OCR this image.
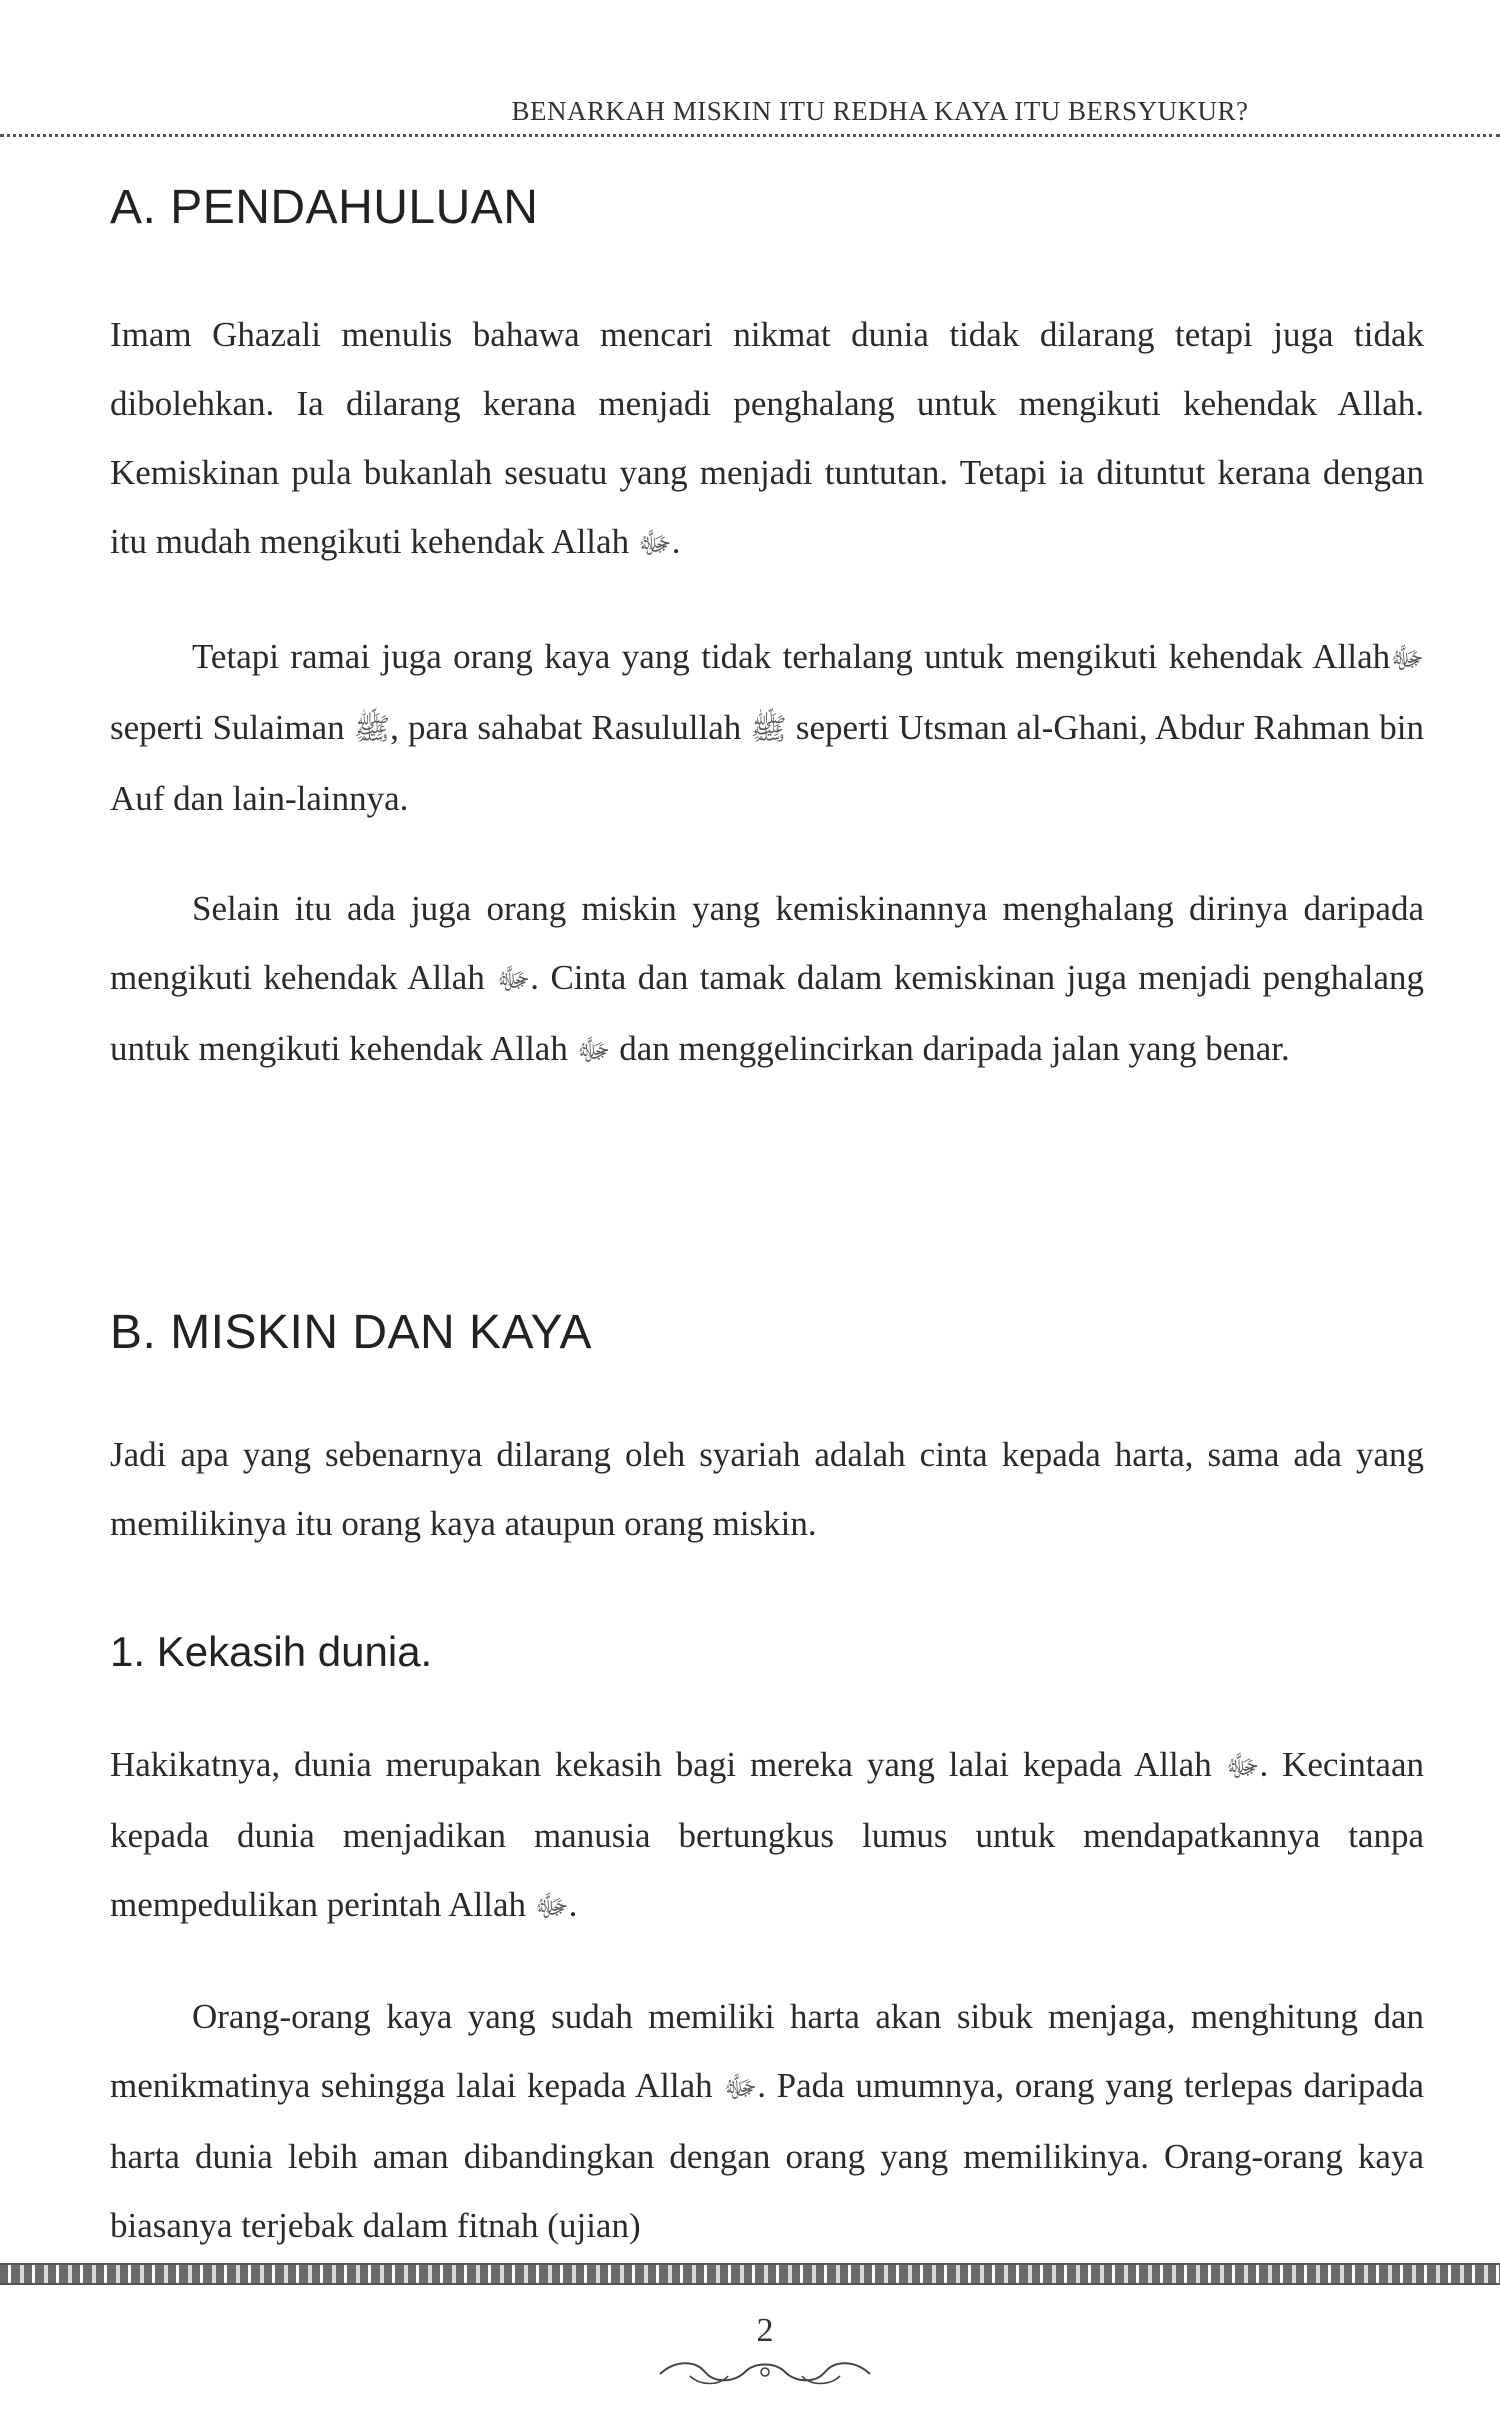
BENARKAH MISKIN ITU REDHA KAYA ITU BERSYUKUR?
A. PENDAHULUAN

Imam Ghazali menulis bahawa mencari nikmat dunia tidak dilarang tetapi juga tidak dibolehkan. Ia dilarang kerana menjadi penghalang untuk mengikuti kehendak Allah. Kemiskinan pula bukanlah sesuatu yang menjadi tuntutan. Tetapi ia dituntut kerana dengan itu mudah mengikuti kehendak Allah ﷻ.

Tetapi ramai juga orang kaya yang tidak terhalang untuk mengikuti kehendak Allahﷻ seperti Sulaiman ﷺ, para sahabat Rasulullah ﷺ seperti Utsman al-Ghani, Abdur Rahman bin Auf dan lain-lainnya.

Selain itu ada juga orang miskin yang kemiskinannya menghalang dirinya daripada mengikuti kehendak Allah ﷻ. Cinta dan tamak dalam kemiskinan juga menjadi penghalang untuk mengikuti kehendak Allah ﷻ dan menggelincirkan daripada jalan yang benar.

B. MISKIN DAN KAYA

Jadi apa yang sebenarnya dilarang oleh syariah adalah cinta kepada harta, sama ada yang memilikinya itu orang kaya ataupun orang miskin.

1. Kekasih dunia.

Hakikatnya, dunia merupakan kekasih bagi mereka yang lalai kepada Allah ﷻ. Kecintaan kepada dunia menjadikan manusia bertungkus lumus untuk mendapatkannya tanpa mempedulikan perintah Allah ﷻ.

Orang-orang kaya yang sudah memiliki harta akan sibuk menjaga, menghitung dan menikmatinya sehingga lalai kepada Allah ﷻ. Pada umumnya, orang yang terlepas daripada harta dunia lebih aman dibandingkan dengan orang yang memilikinya. Orang-orang kaya biasanya terjebak dalam fitnah (ujian)

2
